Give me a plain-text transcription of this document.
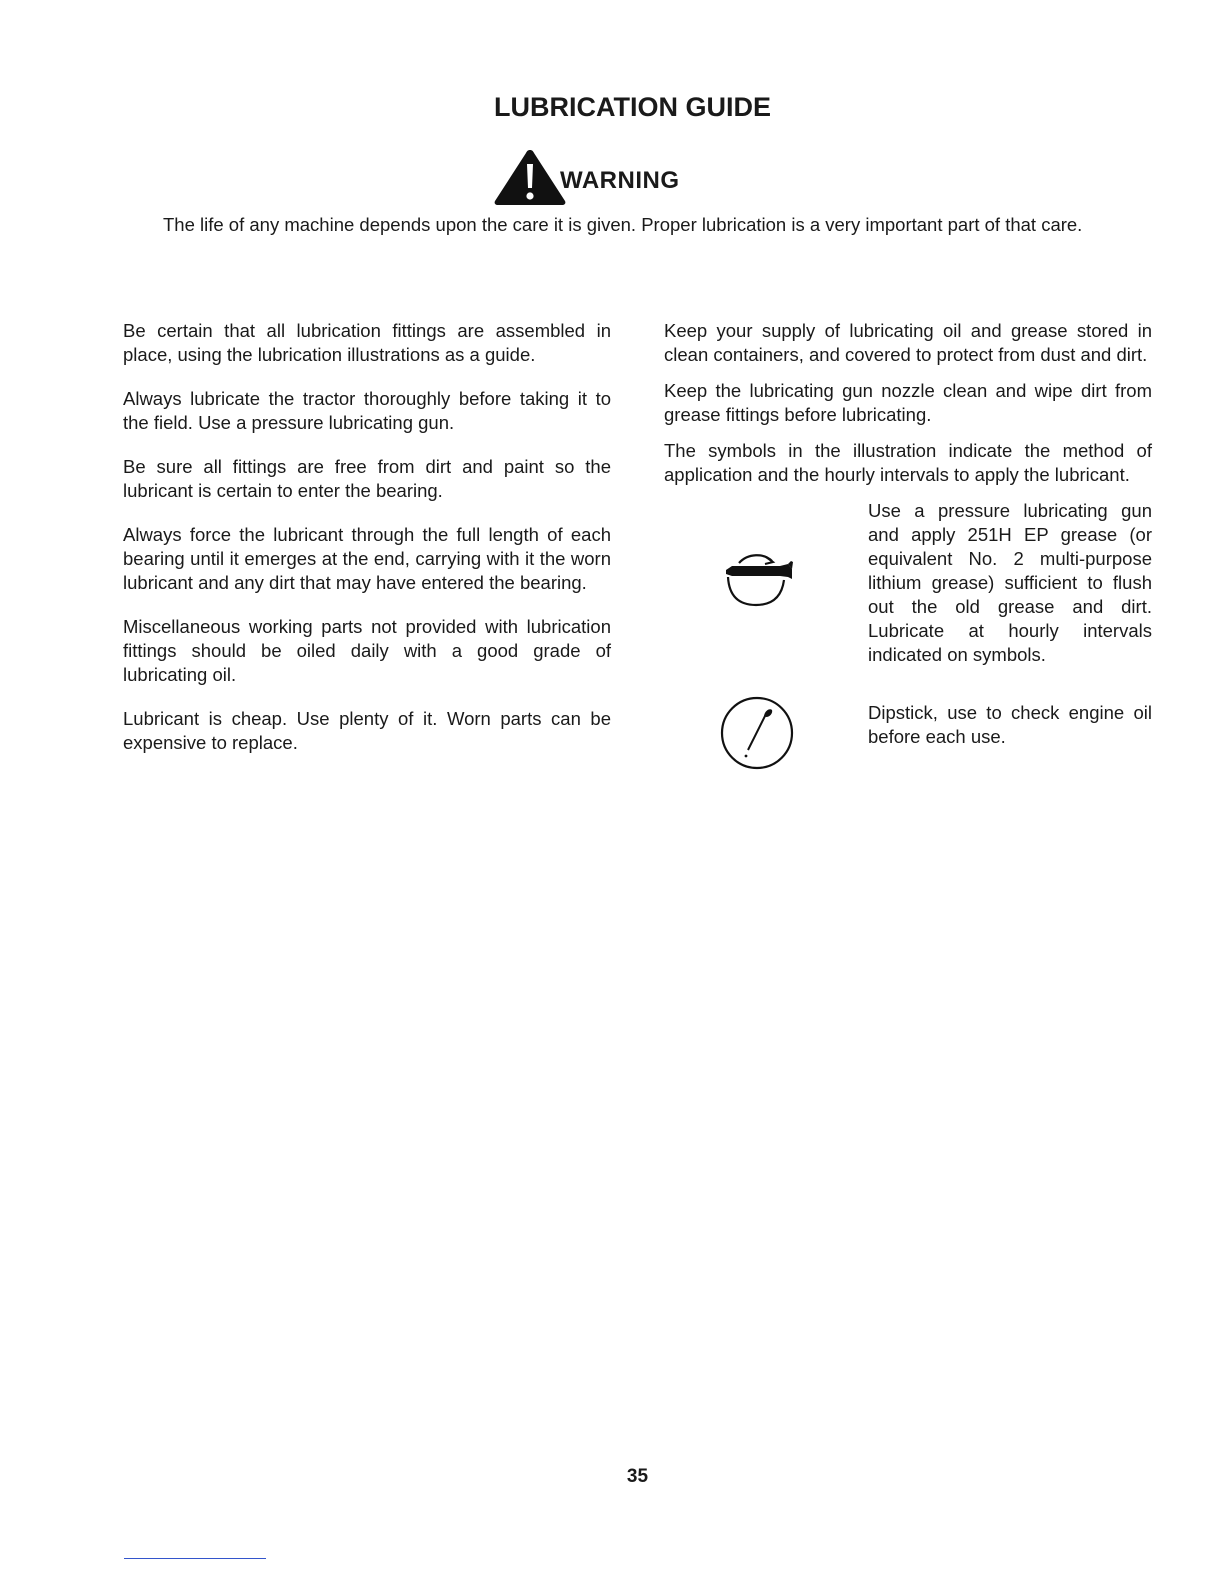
LUBRICATION GUIDE
WARNING

The life of any machine depends upon the care it is given. Proper lubrication is a very important part of that care.

Be certain that all lubrication fittings are assembled in place, using the lubrication illustrations as a guide.

Always lubricate the tractor thoroughly before taking it to the field. Use a pressure lubricating gun.

Be sure all fittings are free from dirt and paint so the lubricant is certain to enter the bearing.

Always force the lubricant through the full length of each bearing until it emerges at the end, carrying with it the worn lubricant and any dirt that may have entered the bearing.

Miscellaneous working parts not provided with lubrication fittings should be oiled daily with a good grade of lubricating oil.

Lubricant is cheap. Use plenty of it. Worn parts can be expensive to replace.

Keep your supply of lubricating oil and grease stored in clean containers, and covered to protect from dust and dirt.

Keep the lubricating gun nozzle clean and wipe dirt from grease fittings before lubricating.

The symbols in the illustration indicate the method of application and the hourly intervals to apply the lubricant.

Use a pressure lubricating gun and apply 251H EP grease (or equivalent No. 2 multi-purpose lithium grease) sufficient to flush out the old grease and dirt. Lubricate at hourly intervals indicated on symbols.

Dipstick, use to check engine oil before each use.

35
